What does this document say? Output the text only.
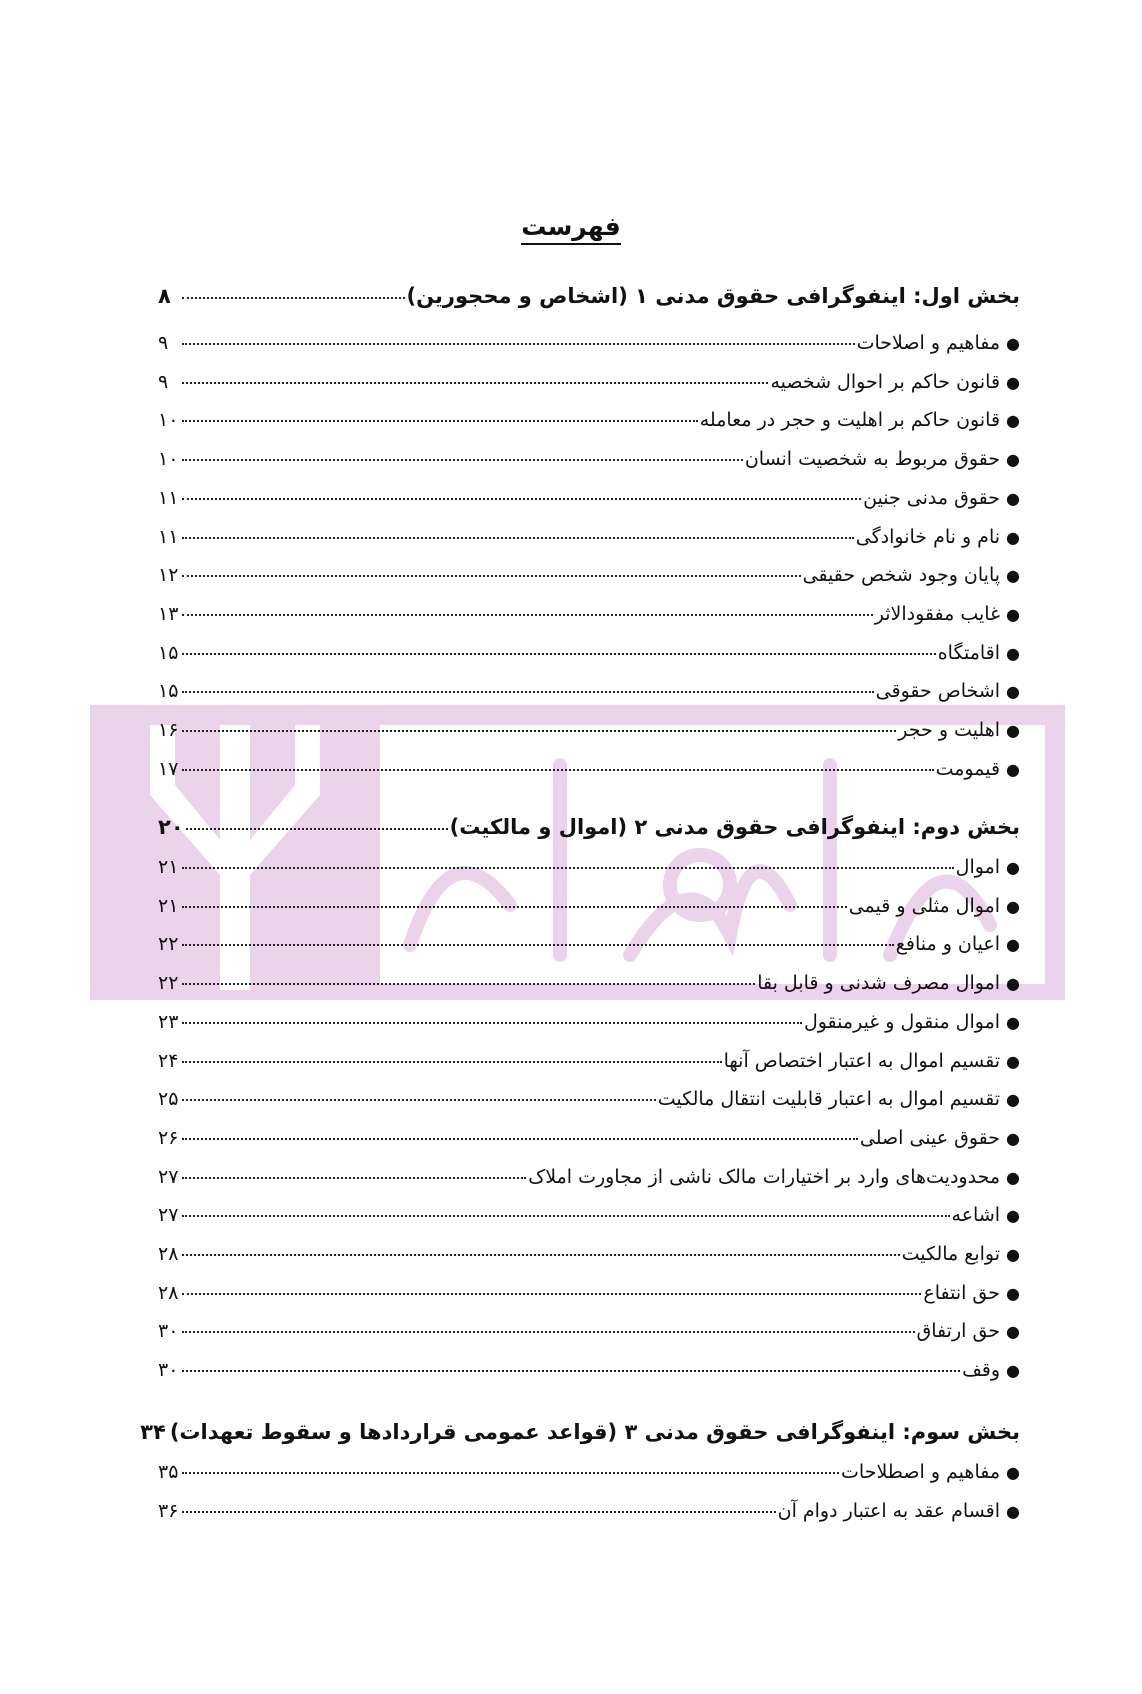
فهرست
بخش اول: اینفوگرافی حقوق مدنی ۱ (اشخاص و محجورین)
۸
●
مفاهیم و اصلاحات
۹
●
قانون حاکم بر احوال شخصیه
۹
●
قانون حاکم بر اهلیت و حجر در معامله
۱۰
●
حقوق مربوط به شخصیت انسان
۱۰
●
حقوق مدنی جنین
۱۱
●
نام و نام خانوادگی
۱۱
●
پایان وجود شخص حقیقی
۱۲
●
غایب مفقودالاثر
۱۳
●
اقامتگاه
۱۵
●
اشخاص حقوقی
۱۵
●
اهلیت و حجر
۱۶
●
قیمومت
۱۷
بخش دوم: اینفوگرافی حقوق مدنی ۲ (اموال و مالکیت)
۲۰
●
اموال
۲۱
●
اموال مثلی و قیمی
۲۱
●
اعیان و منافع
۲۲
●
اموال مصرف شدنی و قابل بقا
۲۲
●
اموال منقول و غیرمنقول
۲۳
●
تقسیم اموال به اعتبار اختصاص آنها
۲۴
●
تقسیم اموال به اعتبار قابلیت انتقال مالکیت
۲۵
●
حقوق عینی اصلی
۲۶
●
محدودیت‌های وارد بر اختیارات مالک ناشی از مجاورت املاک
۲۷
●
اشاعه
۲۷
●
توابع مالکیت
۲۸
●
حق انتفاع
۲۸
●
حق ارتفاق
۳۰
●
وقف
۳۰
بخش سوم: اینفوگرافی حقوق مدنی ۳ (قواعد عمومی قراردادها و سقوط تعهدات)
۳۴
●
مفاهیم و اصطلاحات
۳۵
●
اقسام عقد به اعتبار دوام آن
۳۶
